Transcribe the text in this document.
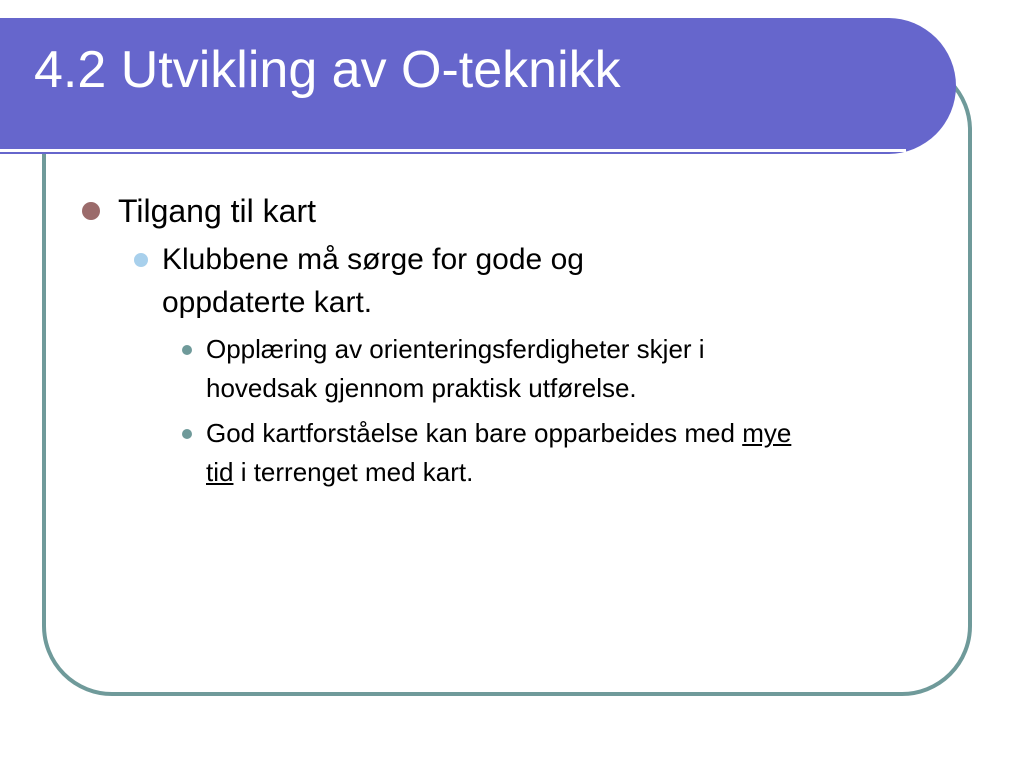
4.2 Utvikling av O-teknikk
Tilgang til kart
Klubbene må sørge for gode og oppdaterte kart.
Opplæring av orienteringsferdigheter skjer i hovedsak gjennom praktisk utførelse.
God kartforståelse kan bare opparbeides med mye tid i terrenget med kart.
